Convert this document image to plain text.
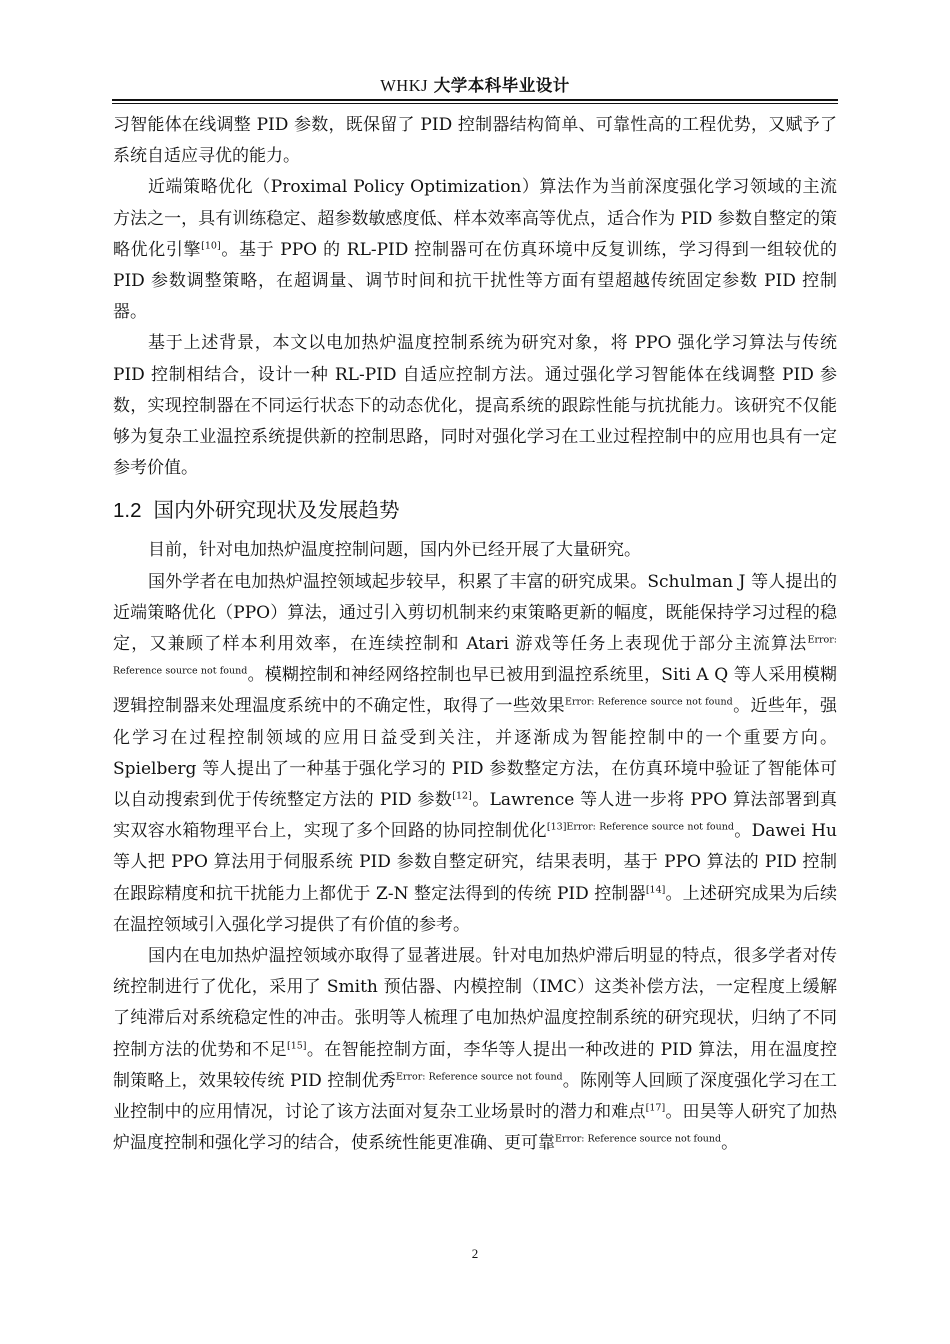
WHKJ 大学本科毕业设计

习智能体在线调整 PID 参数，既保留了 PID 控制器结构简单、可靠性高的工程优势，又赋予了系统自适应寻优的能力。

近端策略优化（Proximal Policy Optimization）算法作为当前深度强化学习领域的主流方法之一，具有训练稳定、超参数敏感度低、样本效率高等优点，适合作为 PID 参数自整定的策略优化引擎[10]。基于 PPO 的 RL-PID 控制器可在仿真环境中反复训练，学习得到一组较优的 PID 参数调整策略，在超调量、调节时间和抗干扰性等方面有望超越传统固定参数 PID 控制器。

基于上述背景，本文以电加热炉温度控制系统为研究对象，将 PPO 强化学习算法与传统 PID 控制相结合，设计一种 RL-PID 自适应控制方法。通过强化学习智能体在线调整 PID 参数，实现控制器在不同运行状态下的动态优化，提高系统的跟踪性能与抗扰能力。该研究不仅能够为复杂工业温控系统提供新的控制思路，同时对强化学习在工业过程控制中的应用也具有一定参考价值。

1.2 国内外研究现状及发展趋势

目前，针对电加热炉温度控制问题，国内外已经开展了大量研究。

国外学者在电加热炉温控领域起步较早，积累了丰富的研究成果。Schulman J 等人提出的近端策略优化（PPO）算法，通过引入剪切机制来约束策略更新的幅度，既能保持学习过程的稳定，又兼顾了样本利用效率，在连续控制和 Atari 游戏等任务上表现优于部分主流算法$^{Error: Reference source not found}$。模糊控制和神经网络控制也早已被用到温控系统里，Siti A Q 等人采用模糊逻辑控制器来处理温度系统中的不确定性，取得了一些效果$^{Error: Reference source not found}$。近些年，强化学习在过程控制领域的应用日益受到关注，并逐渐成为智能控制中的一个重要方向。Spielberg 等人提出了一种基于强化学习的 PID 参数整定方法，在仿真环境中验证了智能体可以自动搜索到优于传统整定方法的 PID 参数[12]。Lawrence 等人进一步将 PPO 算法部署到真实双容水箱物理平台上，实现了多个回路的协同控制优化$^{[13]Error: Reference source not found}$。Dawei Hu 等人把 PPO 算法用于伺服系统 PID 参数自整定研究，结果表明，基于 PPO 算法的 PID 控制在跟踪精度和抗干扰能力上都优于 Z-N 整定法得到的传统 PID 控制器[14]。上述研究成果为后续在温控领域引入强化学习提供了有价值的参考。

国内在电加热炉温控领域亦取得了显著进展。针对电加热炉滞后明显的特点，很多学者对传统控制进行了优化，采用了 Smith 预估器、内模控制（IMC）这类补偿方法，一定程度上缓解了纯滞后对系统稳定性的冲击。张明等人梳理了电加热炉温度控制系统的研究现状，归纳了不同控制方法的优势和不足[15]。在智能控制方面，李华等人提出一种改进的 PID 算法，用在温度控制策略上，效果较传统 PID 控制优秀$^{Error: Reference source not found}$。陈刚等人回顾了深度强化学习在工业控制中的应用情况，讨论了该方法面对复杂工业场景时的潜力和难点[17]。田昊等人研究了加热炉温度控制和强化学习的结合，使系统性能更准确、更可靠$^{Error: Reference source not found}$。

2
